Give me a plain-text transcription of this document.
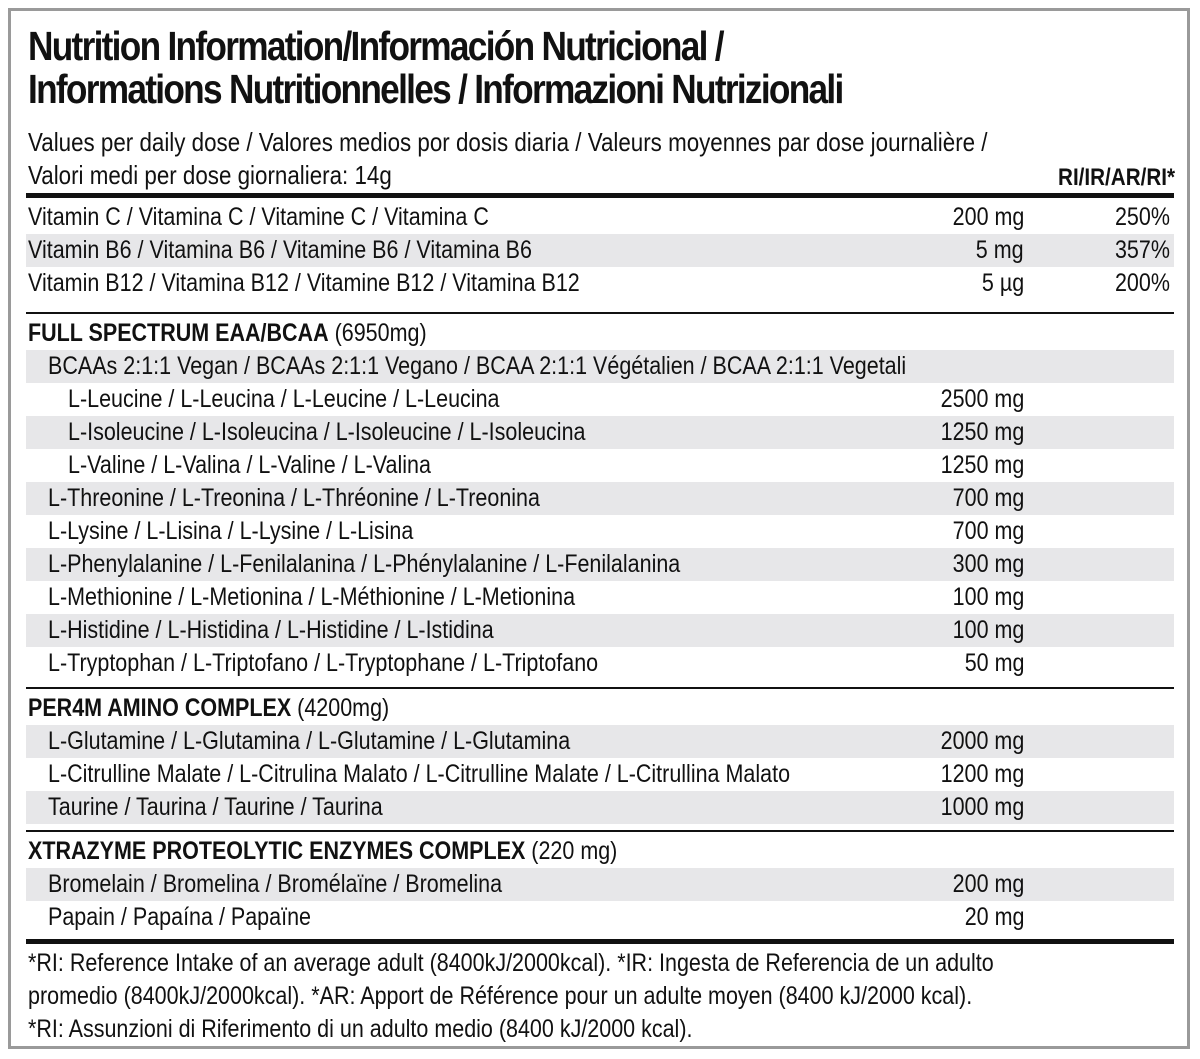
Nutrition Information/Información Nutricional /
Informations Nutritionnelles / Informazioni Nutrizionali
Values per daily dose / Valores medios por dosis diaria / Valeurs moyennes par dose journalière /
Valori medi per dose giornaliera: 14g	RI/IR/AR/RI*
Vitamin C / Vitamina C / Vitamine C / Vitamina C	200 mg	250%
Vitamin B6 / Vitamina B6 / Vitamine B6 / Vitamina B6	5 mg	357%
Vitamin B12 / Vitamina B12 / Vitamine B12 / Vitamina B12	5 µg	200%
FULL SPECTRUM EAA/BCAA (6950mg)
BCAAs 2:1:1 Vegan / BCAAs 2:1:1 Vegano / BCAA 2:1:1 Végétalien / BCAA 2:1:1 Vegetali
L-Leucine / L-Leucina / L-Leucine / L-Leucina	2500 mg
L-Isoleucine / L-Isoleucina / L-Isoleucine / L-Isoleucina	1250 mg
L-Valine / L-Valina / L-Valine / L-Valina	1250 mg
L-Threonine / L-Treonina / L-Thréonine / L-Treonina	700 mg
L-Lysine / L-Lisina / L-Lysine / L-Lisina	700 mg
L-Phenylalanine / L-Fenilalanina / L-Phénylalanine / L-Fenilalanina	300 mg
L-Methionine / L-Metionina / L-Méthionine / L-Metionina	100 mg
L-Histidine / L-Histidina / L-Histidine / L-Istidina	100 mg
L-Tryptophan / L-Triptofano / L-Tryptophane / L-Triptofano	50 mg
PER4M AMINO COMPLEX (4200mg)
L-Glutamine / L-Glutamina / L-Glutamine / L-Glutamina	2000 mg
L-Citrulline Malate / L-Citrulina Malato / L-Citrulline Malate / L-Citrullina Malato	1200 mg
Taurine / Taurina / Taurine / Taurina	1000 mg
XTRAZYME PROTEOLYTIC ENZYMES COMPLEX (220 mg)
Bromelain / Bromelina / Bromélaïne / Bromelina	200 mg
Papain / Papaína / Papaïne	20 mg
*RI: Reference Intake of an average adult (8400kJ/2000kcal). *IR: Ingesta de Referencia de un adulto
promedio (8400kJ/2000kcal). *AR: Apport de Référence pour un adulte moyen (8400 kJ/2000 kcal).
*RI: Assunzioni di Riferimento di un adulto medio (8400 kJ/2000 kcal).
